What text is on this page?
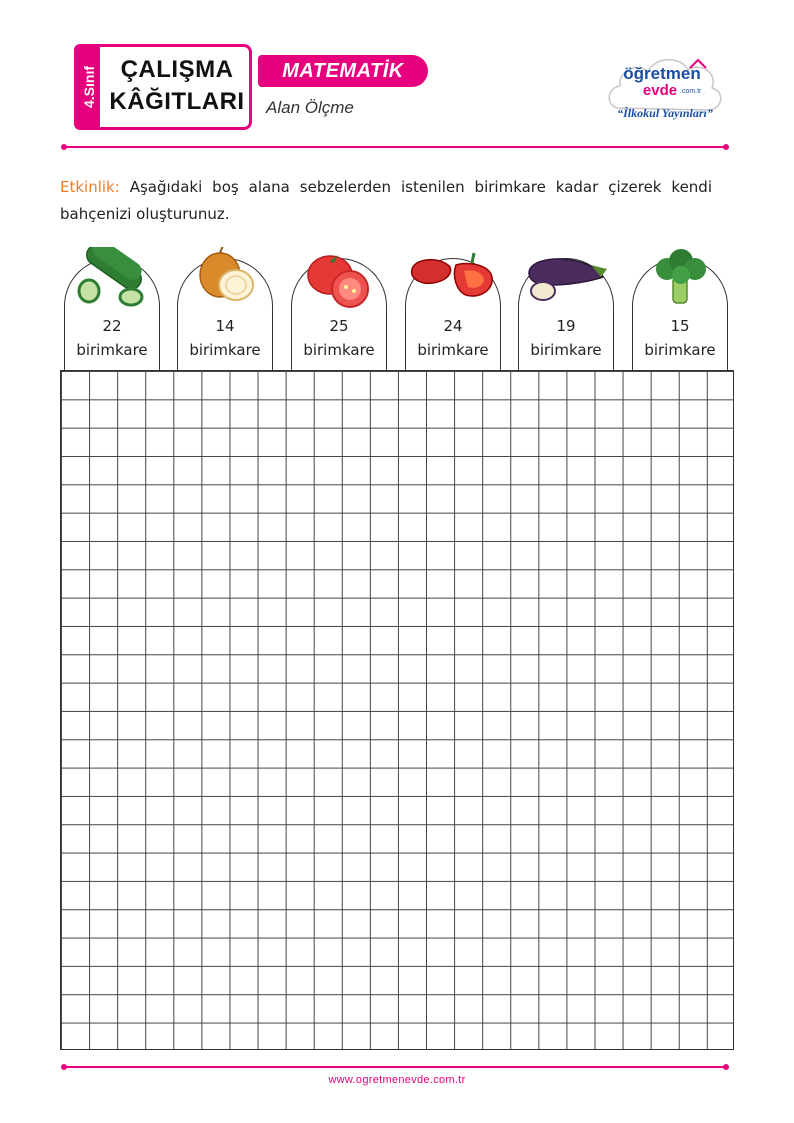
4.Sınıf ÇALIŞMA
KÂĞITLARI
MATEMATİK
Alan Ölçme
öğretmen
evde .com.tr
“İlkokul Yayınları”
Etkinlik: Aşağıdaki boş alana sebzelerden istenilen birimkare kadar çizerek kendi bahçenizi oluşturunuz.
22
birimkare
14
birimkare
25
birimkare
24
birimkare
19
birimkare
15
birimkare
www.ogretmenevde.com.tr
